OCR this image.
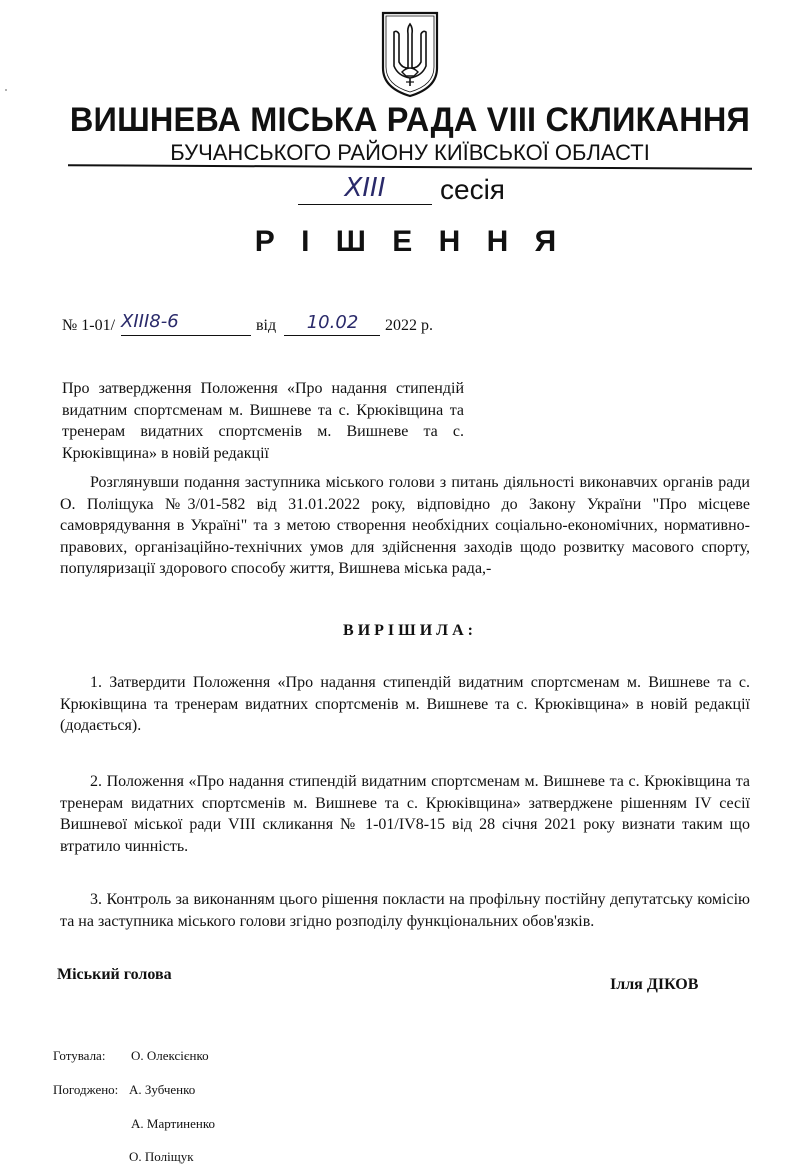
ВИШНЕВА МІСЬКА РАДА VIII СКЛИКАННЯ
БУЧАНСЬКОГО РАЙОНУ КИЇВСЬКОЇ ОБЛАСТІ
XIII	сесія
Р І Ш Е Н Н Я
№ 1-01/ XIII8-6	від	10.02	2022 р.
Про затвердження Положення «Про надання стипендій видатним спортсменам м. Вишневе та с. Крюківщина та тренерам видатних спортсменів м. Вишневе та с. Крюківщина» в новій редакції
Розглянувши подання заступника міського голови з питань діяльності виконавчих органів ради О. Поліщука №3/01-582 від 31.01.2022 року, відповідно до Закону України "Про місцеве самоврядування в Україні" та з метою створення необхідних соціально-економічних, нормативно-правових, організаційно-технічних умов для здійснення заходів щодо розвитку масового спорту, популяризації здорового способу життя, Вишнева міська рада,-
ВИРІШИЛА:
1. Затвердити Положення «Про надання стипендій видатним спортсменам м. Вишневе та с. Крюківщина та тренерам видатних спортсменів м. Вишневе та с. Крюківщина» в новій редакції (додається).
2. Положення «Про надання стипендій видатним спортсменам м. Вишневе та с. Крюківщина та тренерам видатних спортсменів м. Вишневе та с. Крюківщина» затверджене рішенням IV сесії Вишневої міської ради VIII скликання № 1-01/IV8-15 від 28 січня 2021 року визнати таким що втратило чинність.
3. Контроль за виконанням цього рішення покласти на профільну постійну депутатську комісію та на заступника міського голови згідно розподілу функціональних обов'язків.
Міський голова
Ілля ДІКОВ
Готувала: О. Олексієнко
Погоджено: А. Зубченко
А. Мартиненко
О. Поліщук
